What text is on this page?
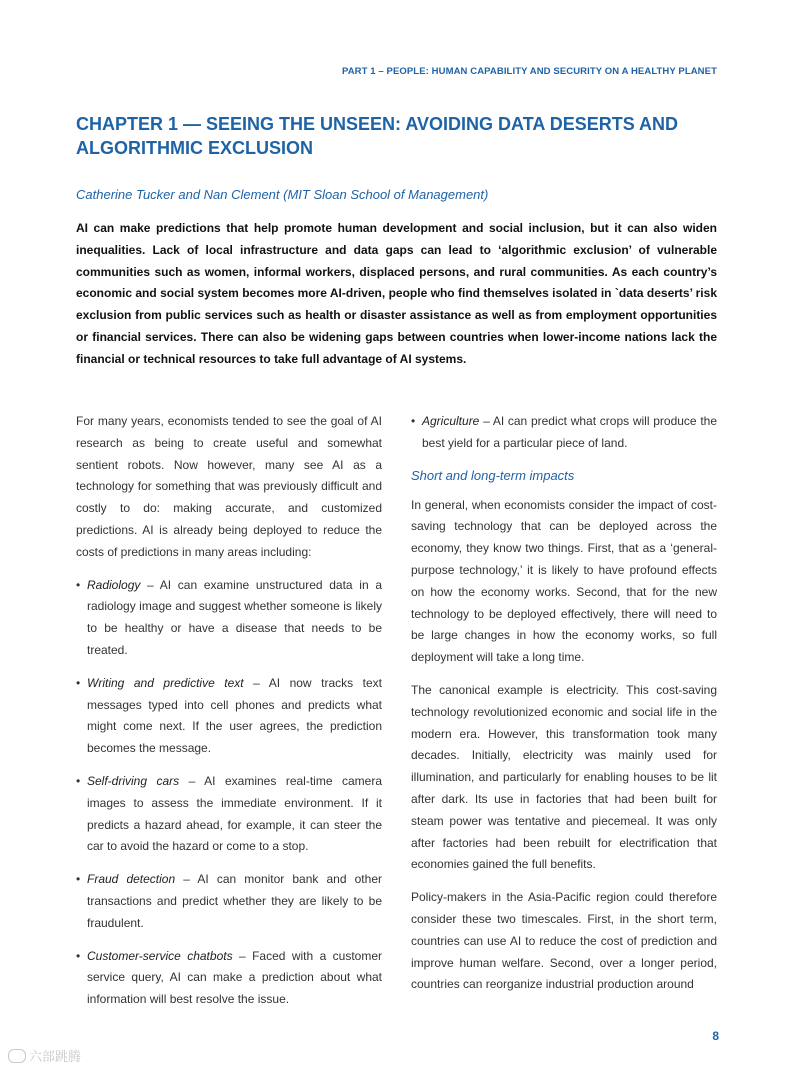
PART 1 – PEOPLE: HUMAN CAPABILITY AND SECURITY ON A HEALTHY PLANET
CHAPTER 1 — SEEING THE UNSEEN: AVOIDING DATA DESERTS AND ALGORITHMIC EXCLUSION
Catherine Tucker and Nan Clement (MIT Sloan School of Management)

AI can make predictions that help promote human development and social inclusion, but it can also widen inequalities. Lack of local infrastructure and data gaps can lead to ‘algorithmic exclusion’ of vulnerable communities such as women, informal workers, displaced persons, and rural communities. As each country’s economic and social system becomes more AI-driven, people who find themselves isolated in `data deserts’ risk exclusion from public services such as health or disaster assistance as well as from employment opportunities or financial services. There can also be widening gaps between countries when lower-income nations lack the financial or technical resources to take full advantage of AI systems.

For many years, economists tended to see the goal of AI research as being to create useful and somewhat sentient robots. Now however, many see AI as a technology for something that was previously difficult and costly to do: making accurate, and customized predictions. AI is already being deployed to reduce the costs of predictions in many areas including:

• Radiology – AI can examine unstructured data in a radiology image and suggest whether someone is likely to be healthy or have a disease that needs to be treated.
• Writing and predictive text – AI now tracks text messages typed into cell phones and predicts what might come next. If the user agrees, the prediction becomes the message.
• Self-driving cars – AI examines real-time camera images to assess the immediate environment. If it predicts a hazard ahead, for example, it can steer the car to avoid the hazard or come to a stop.
• Fraud detection – AI can monitor bank and other transactions and predict whether they are likely to be fraudulent.
• Customer-service chatbots – Faced with a customer service query, AI can make a prediction about what information will best resolve the issue.
• Agriculture – AI can predict what crops will produce the best yield for a particular piece of land.
Short and long-term impacts

In general, when economists consider the impact of cost-saving technology that can be deployed across the economy, they know two things. First, that as a ‘general-purpose technology,’ it is likely to have profound effects on how the economy works. Second, that for the new technology to be deployed effectively, there will need to be large changes in how the economy works, so full deployment will take a long time.

The canonical example is electricity. This cost-saving technology revolutionized economic and social life in the modern era. However, this transformation took many decades. Initially, electricity was mainly used for illumination, and particularly for enabling houses to be lit after dark. Its use in factories that had been built for steam power was tentative and piecemeal. It was only after factories had been rebuilt for electrification that economies gained the full benefits.

Policy-makers in the Asia-Pacific region could therefore consider these two timescales. First, in the short term, countries can use AI to reduce the cost of prediction and improve human welfare. Second, over a longer period, countries can reorganize industrial production around

8
六部跳腾
